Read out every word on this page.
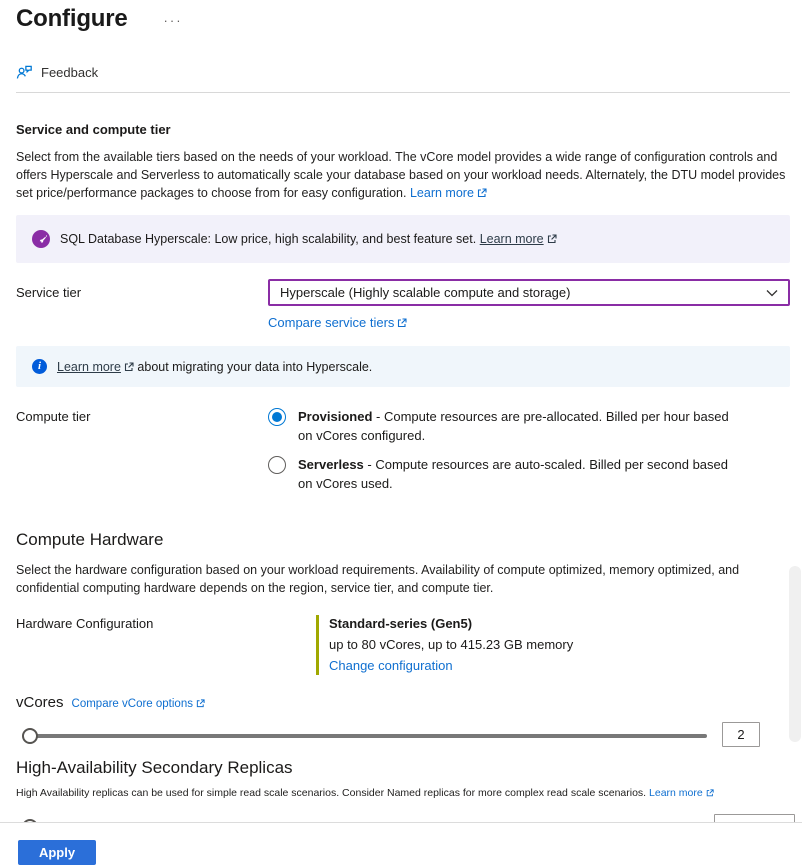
Configure	···
Feedback
Service and compute tier
Select from the available tiers based on the needs of your workload. The vCore model provides a wide range of configuration controls and offers Hyperscale and Serverless to automatically scale your database based on your workload needs. Alternately, the DTU model provides set price/performance packages to choose from for easy configuration. Learn more
SQL Database Hyperscale: Low price, high scalability, and best feature set. Learn more
Service tier	Hyperscale (Highly scalable compute and storage)
Compare service tiers
i	Learn more about migrating your data into Hyperscale.
Compute tier	Provisioned - Compute resources are pre-allocated. Billed per hour based on vCores configured.
Serverless - Compute resources are auto-scaled. Billed per second based on vCores used.
Compute Hardware
Select the hardware configuration based on your workload requirements. Availability of compute optimized, memory optimized, and confidential computing hardware depends on the region, service tier, and compute tier.
Hardware Configuration	Standard-series (Gen5)
up to 80 vCores, up to 415.23 GB memory
Change configuration
vCores Compare vCore options
2
High-Availability Secondary Replicas
High Availability replicas can be used for simple read scale scenarios. Consider Named replicas for more complex read scale scenarios. Learn more
Apply
